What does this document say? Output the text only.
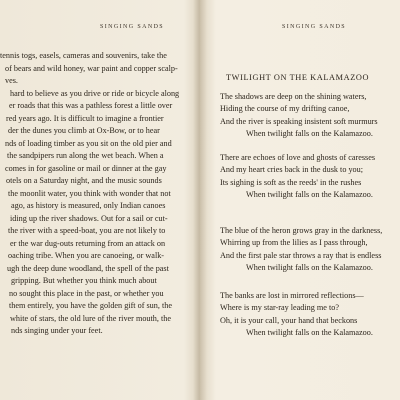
SINGING SANDS
tennis togs, easels, cameras and souvenirs, take the
of bears and wild honey, war paint and copper scalp-
ves.
hard to believe as you drive or ride or bicycle along
er roads that this was a pathless forest a little over
red years ago. It is difficult to imagine a frontier
der the dunes you climb at Ox-Bow, or to hear
nds of loading timber as you sit on the old pier and
the sandpipers run along the wet beach. When a
comes in for gasoline or mail or dinner at the gay
otels on a Saturday night, and the music sounds
the moonlit water, you think with wonder that not
ago, as history is measured, only Indian canoes
iding up the river shadows. Out for a sail or cut-
the river with a speed-boat, you are not likely to
er the war dug-outs returning from an attack on
oaching tribe. When you are canoeing, or walk-
ugh the deep dune woodland, the spell of the past
gripping. But whether you think much about
no sought this place in the past, or whether you
them entirely, you have the golden gift of sun, the
white of stars, the old lure of the river mouth, the
nds singing under your feet.
SINGING SANDS
TWILIGHT ON THE KALAMAZOO
The shadows are deep on the shining waters,
Hiding the course of my drifting canoe,
And the river is speaking insistent soft murmurs
When twilight falls on the Kalamazoo.
There are echoes of love and ghosts of caresses
And my heart cries back in the dusk to you;
Its sighing is soft as the reeds' in the rushes
When twilight falls on the Kalamazoo.
The blue of the heron grows gray in the darkness,
Whirring up from the lilies as I pass through,
And the first pale star throws a ray that is endless
When twilight falls on the Kalamazoo.
The banks are lost in mirrored reflections—
Where is my star-ray leading me to?
Oh, it is your call, your hand that beckons
When twilight falls on the Kalamazoo.
